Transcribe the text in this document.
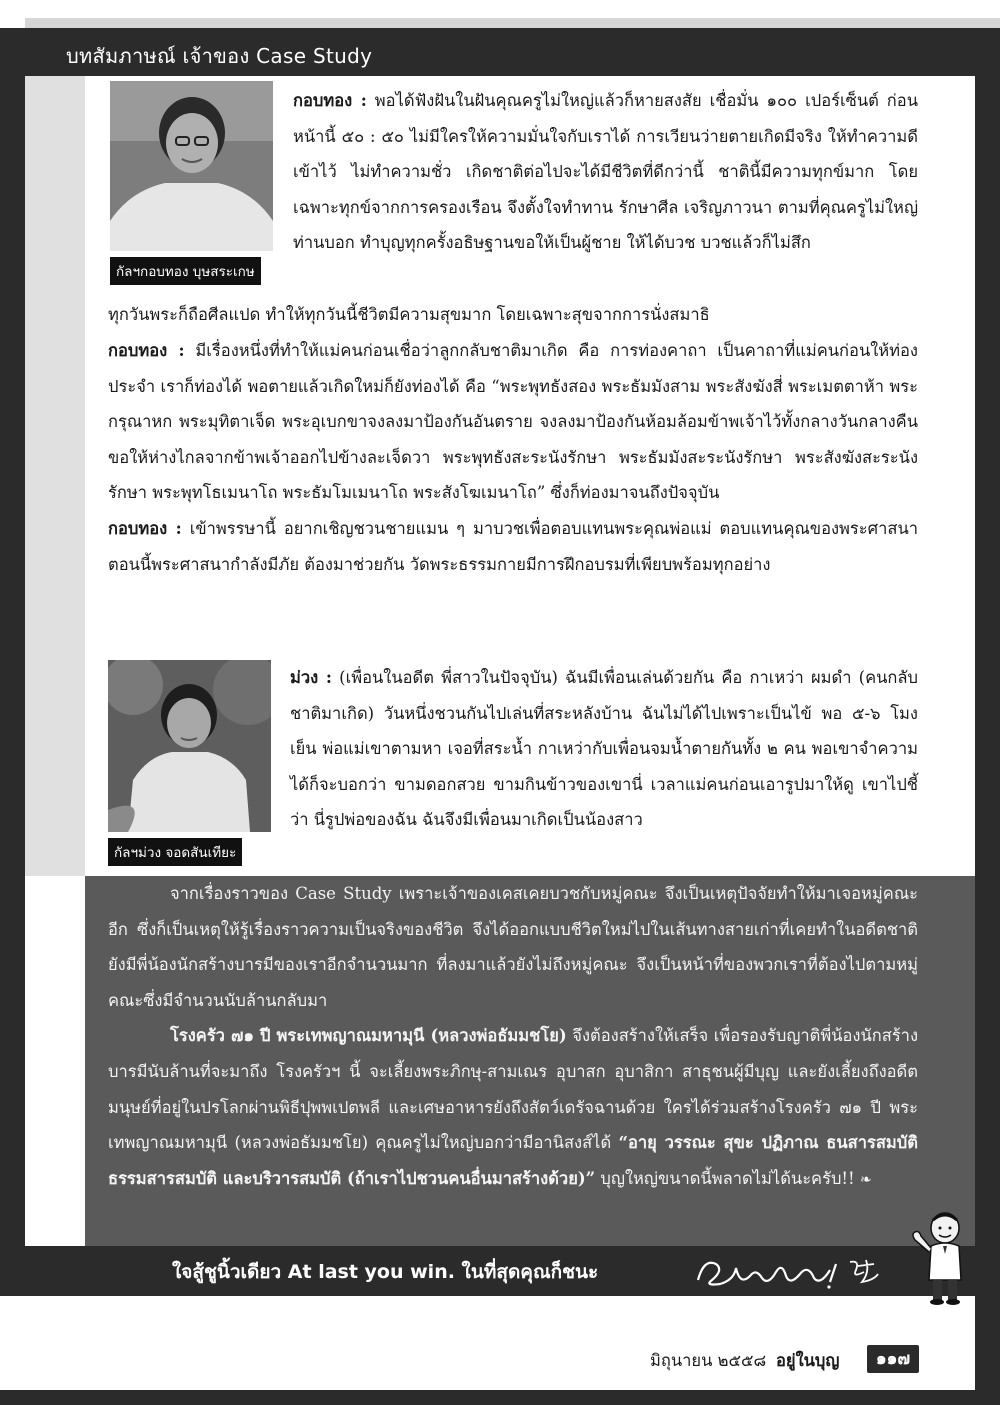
บทสัมภาษณ์ เจ้าของ Case Study
กัลฯกอบทอง บุษสระเกษ

กอบทอง : พอได้ฟังฝันในฝันคุณครูไม่ใหญ่แล้วก็หายสงสัย เชื่อมั่น ๑๐๐ เปอร์เซ็นต์ ก่อนหน้านี้ ๕๐ : ๕๐ ไม่มีใครให้ความมั่นใจกับเราได้ การเวียนว่ายตายเกิดมีจริง ให้ทำความดีเข้าไว้ ไม่ทำความชั่ว เกิดชาติต่อไปจะได้มีชีวิตที่ดีกว่านี้ ชาตินี้มีความทุกข์มาก โดยเฉพาะทุกข์จากการครองเรือน จึงตั้งใจทำทาน รักษาศีล เจริญภาวนา ตามที่คุณครูไม่ใหญ่ท่านบอก ทำบุญทุกครั้งอธิษฐานขอให้เป็นผู้ชาย ให้ได้บวช บวชแล้วก็ไม่สึก

ทุกวันพระก็ถือศีลแปด ทำให้ทุกวันนี้ชีวิตมีความสุขมาก โดยเฉพาะสุขจากการนั่งสมาธิ

กอบทอง : มีเรื่องหนึ่งที่ทำให้แม่คนก่อนเชื่อว่าลูกกลับชาติมาเกิด คือ การท่องคาถา เป็นคาถาที่แม่คนก่อนให้ท่องประจำ เราก็ท่องได้ พอตายแล้วเกิดใหม่ก็ยังท่องได้ คือ “พระพุทธังสอง พระธัมมังสาม พระสังฆังสี่ พระเมตตาห้า พระกรุณาหก พระมุทิตาเจ็ด พระอุเบกขาจงลงมาป้องกันอันตราย จงลงมาป้องกันห้อมล้อมข้าพเจ้าไว้ทั้งกลางวันกลางคืน ขอให้ห่างไกลจากข้าพเจ้าออกไปข้างละเจ็ดวา พระพุทธังสะระนังรักษา พระธัมมังสะระนังรักษา พระสังฆังสะระนังรักษา พระพุทโธเมนาโถ พระธัมโมเมนาโถ พระสังโฆเมนาโถ” ซึ่งก็ท่องมาจนถึงปัจจุบัน

กอบทอง : เข้าพรรษานี้ อยากเชิญชวนชายแมน ๆ มาบวชเพื่อตอบแทนพระคุณพ่อแม่ ตอบแทนคุณของพระศาสนา ตอนนี้พระศาสนากำลังมีภัย ต้องมาช่วยกัน วัดพระธรรมกายมีการฝึกอบรมที่เพียบพร้อมทุกอย่าง

กัลฯม่วง จอดสันเทียะ

ม่วง : (เพื่อนในอดีต พี่สาวในปัจจุบัน) ฉันมีเพื่อนเล่นด้วยกัน คือ กาเหว่า ผมดำ (คนกลับชาติมาเกิด) วันหนึ่งชวนกันไปเล่นที่สระหลังบ้าน ฉันไม่ได้ไปเพราะเป็นไข้ พอ ๕-๖ โมงเย็น พ่อแม่เขาตามหา เจอที่สระน้ำ กาเหว่ากับเพื่อนจมน้ำตายกันทั้ง ๒ คน พอเขาจำความได้ก็จะบอกว่า ขามดอกสวย ขามกินข้าวของเขานี่ เวลาแม่คนก่อนเอารูปมาให้ดู เขาไปชี้ว่า นี่รูปพ่อของฉัน ฉันจึงมีเพื่อนมาเกิดเป็นน้องสาว

จากเรื่องราวของ Case Study เพราะเจ้าของเคสเคยบวชกับหมู่คณะ จึงเป็นเหตุปัจจัยทำให้มาเจอหมู่คณะอีก ซึ่งก็เป็นเหตุให้รู้เรื่องราวความเป็นจริงของชีวิต จึงได้ออกแบบชีวิตใหม่ไปในเส้นทางสายเก่าที่เคยทำในอดีตชาติ ยังมีพี่น้องนักสร้างบารมีของเราอีกจำนวนมาก ที่ลงมาแล้วยังไม่ถึงหมู่คณะ จึงเป็นหน้าที่ของพวกเราที่ต้องไปตามหมู่คณะซึ่งมีจำนวนนับล้านกลับมา

โรงครัว ๗๑ ปี พระเทพญาณมหามุนี (หลวงพ่อธัมมชโย) จึงต้องสร้างให้เสร็จ เพื่อรองรับญาติพี่น้องนักสร้างบารมีนับล้านที่จะมาถึง โรงครัวฯ นี้ จะเลี้ยงพระภิกษุ-สามเณร อุบาสก อุบาสิกา สาธุชนผู้มีบุญ และยังเลี้ยงถึงอดีตมนุษย์ที่อยู่ในปรโลกผ่านพิธีปุพพเปตพลี และเศษอาหารยังถึงสัตว์เดรัจฉานด้วย ใครได้ร่วมสร้างโรงครัว ๗๑ ปี พระเทพญาณมหามุนี (หลวงพ่อธัมมชโย) คุณครูไม่ใหญ่บอกว่ามีอานิสงส์ได้ “อายุ วรรณะ สุขะ ปฏิภาณ ธนสารสมบัติ ธรรมสารสมบัติ และบริวารสมบัติ (ถ้าเราไปชวนคนอื่นมาสร้างด้วย)” บุญใหญ่ขนาดนี้พลาดไม่ได้นะครับ!! ❧

ใจสู้ชูนิ้วเดียว At last you win. ในที่สุดคุณก็ชนะ
มิถุนายน ๒๕๕๘ อยู่ในบุญ	๑๑๗
